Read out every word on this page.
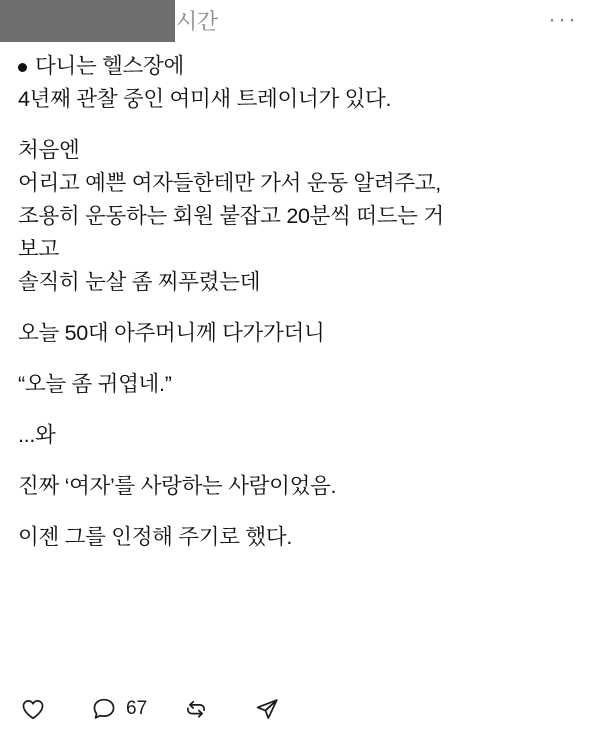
시간	···
다니는 헬스장에
4년째 관찰 중인 여미새 트레이너가 있다.
처음엔
어리고 예쁜 여자들한테만 가서 운동 알려주고,
조용히 운동하는 회원 붙잡고 20분씩 떠드는 거
보고
솔직히 눈살 좀 찌푸렸는데
오늘 50대 아주머니께 다가가더니
“오늘 좀 귀엽네.”
...와
진짜 ‘여자’를 사랑하는 사람이었음.
이젠 그를 인정해 주기로 했다.
67
